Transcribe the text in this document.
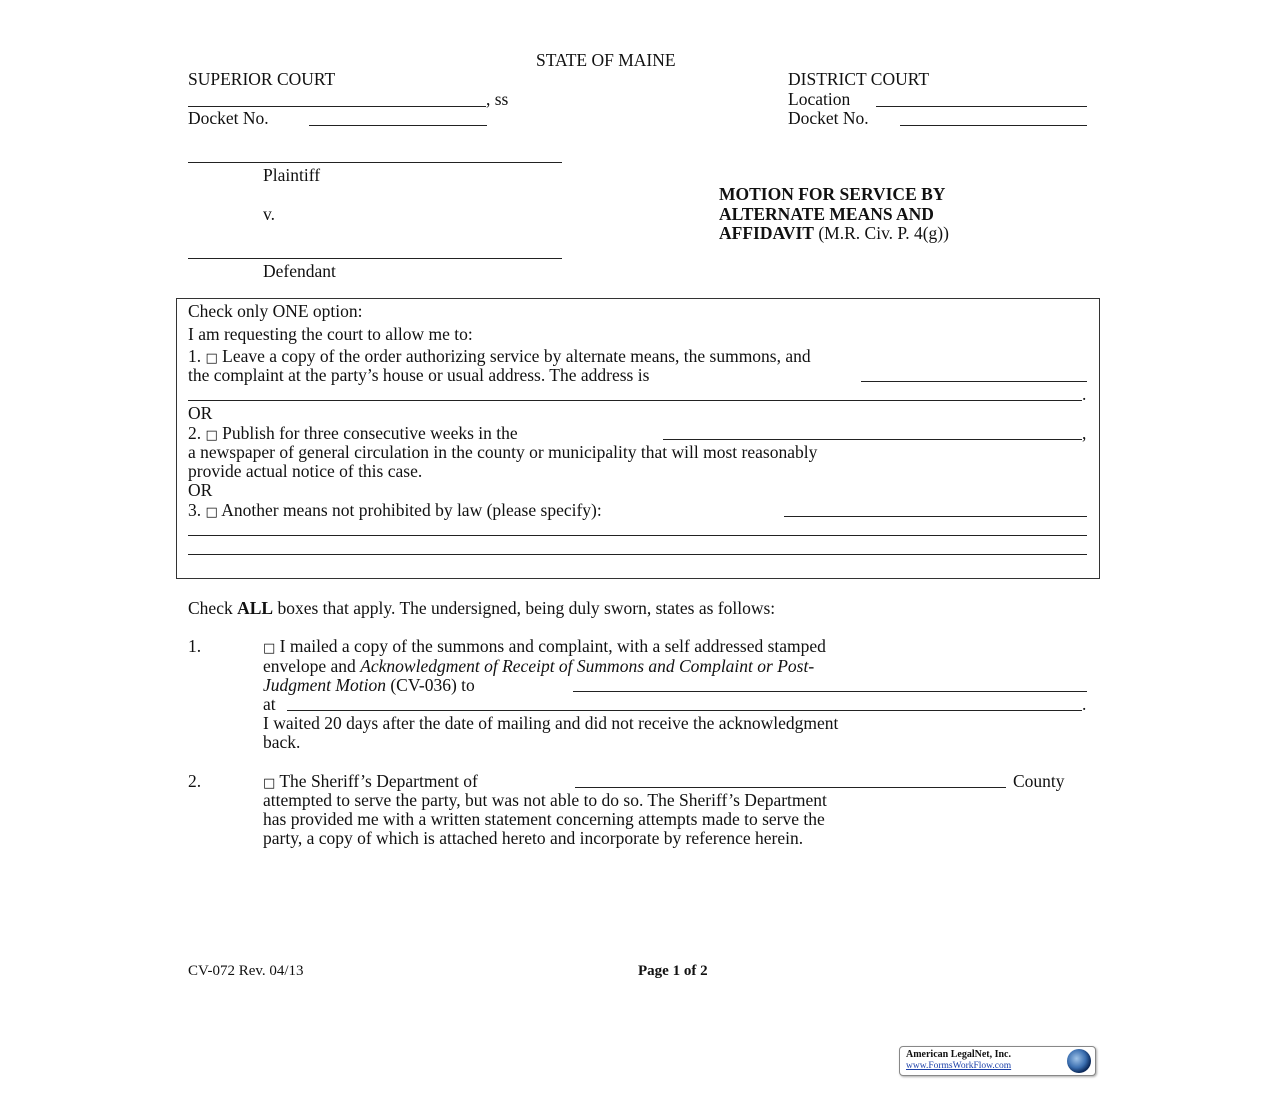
STATE OF MAINE
SUPERIOR COURT
, ss
Docket No.
DISTRICT COURT
Location
Docket No.
Plaintiff
v.
Defendant
MOTION FOR SERVICE BY
ALTERNATE MEANS AND
AFFIDAVIT (M.R. Civ. P. 4(g))
Check only ONE option:
I am requesting the court to allow me to:
1. □ Leave a copy of the order authorizing service by alternate means, the summons, and
the complaint at the party’s house or usual address. The address is
.
OR
2. □ Publish for three consecutive weeks in the	,
a newspaper of general circulation in the county or municipality that will most reasonably
provide actual notice of this case.
OR
3. □ Another means not prohibited by law (please specify):
Check ALL boxes that apply. The undersigned, being duly sworn, states as follows:
1.	□ I mailed a copy of the summons and complaint, with a self addressed stamped
envelope and Acknowledgment of Receipt of Summons and Complaint or Post-
Judgment Motion (CV-036) to
at	.
I waited 20 days after the date of mailing and did not receive the acknowledgment
back.
2.	□ The Sheriff’s Department of	County
attempted to serve the party, but was not able to do so. The Sheriff’s Department
has provided me with a written statement concerning attempts made to serve the
party, a copy of which is attached hereto and incorporate by reference herein.
CV-072 Rev. 04/13	Page 1 of 2
American LegalNet, Inc.
www.FormsWorkFlow.com
